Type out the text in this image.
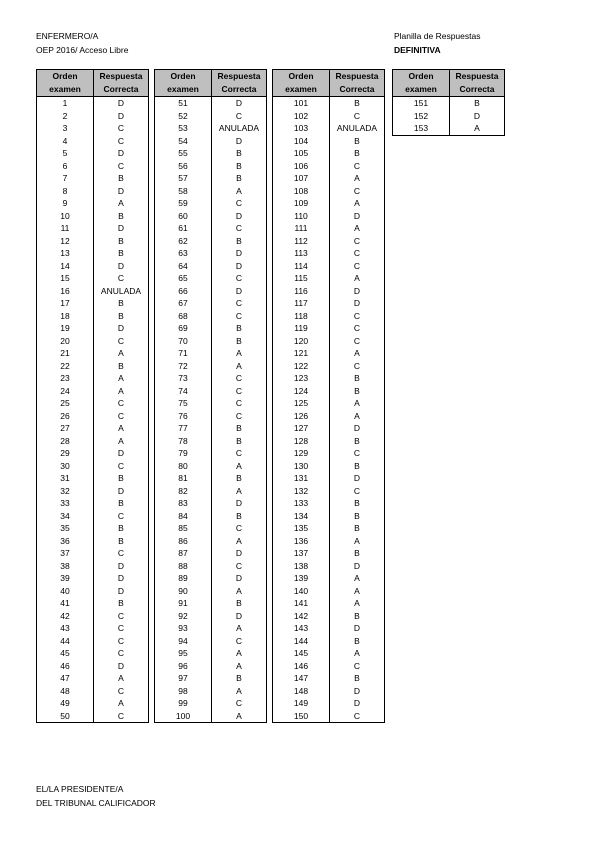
ENFERMERO/A
OEP 2016/ Acceso Libre
Planilla de Respuestas
DEFINITIVA
Orden	Respuesta
examen	Correcta
1	D
2	D
3	C
4	C
5	D
6	C
7	B
8	D
9	A
10	B
11	D
12	B
13	B
14	D
15	C
16	ANULADA
17	B
18	B
19	D
20	C
21	A
22	B
23	A
24	A
25	C
26	C
27	A
28	A
29	D
30	C
31	B
32	D
33	B
34	C
35	B
36	B
37	C
38	D
39	D
40	D
41	B
42	C
43	C
44	C
45	C
46	D
47	A
48	C
49	A
50	C
Orden	Respuesta
examen	Correcta
51	D
52	C
53	ANULADA
54	D
55	B
56	B
57	B
58	A
59	C
60	D
61	C
62	B
63	D
64	D
65	C
66	D
67	C
68	C
69	B
70	B
71	A
72	A
73	C
74	C
75	C
76	C
77	B
78	B
79	C
80	A
81	B
82	A
83	D
84	B
85	C
86	A
87	D
88	C
89	D
90	A
91	B
92	D
93	A
94	C
95	A
96	A
97	B
98	A
99	C
100	A
Orden	Respuesta
examen	Correcta
101	B
102	C
103	ANULADA
104	B
105	B
106	C
107	A
108	C
109	A
110	D
111	A
112	C
113	C
114	C
115	A
116	D
117	D
118	C
119	C
120	C
121	A
122	C
123	B
124	B
125	A
126	A
127	D
128	B
129	C
130	B
131	D
132	C
133	B
134	B
135	B
136	A
137	B
138	D
139	A
140	A
141	A
142	B
143	D
144	B
145	A
146	C
147	B
148	D
149	D
150	C
Orden	Respuesta
examen	Correcta
151	B
152	D
153	A
EL/LA PRESIDENTE/A
DEL TRIBUNAL CALIFICADOR
